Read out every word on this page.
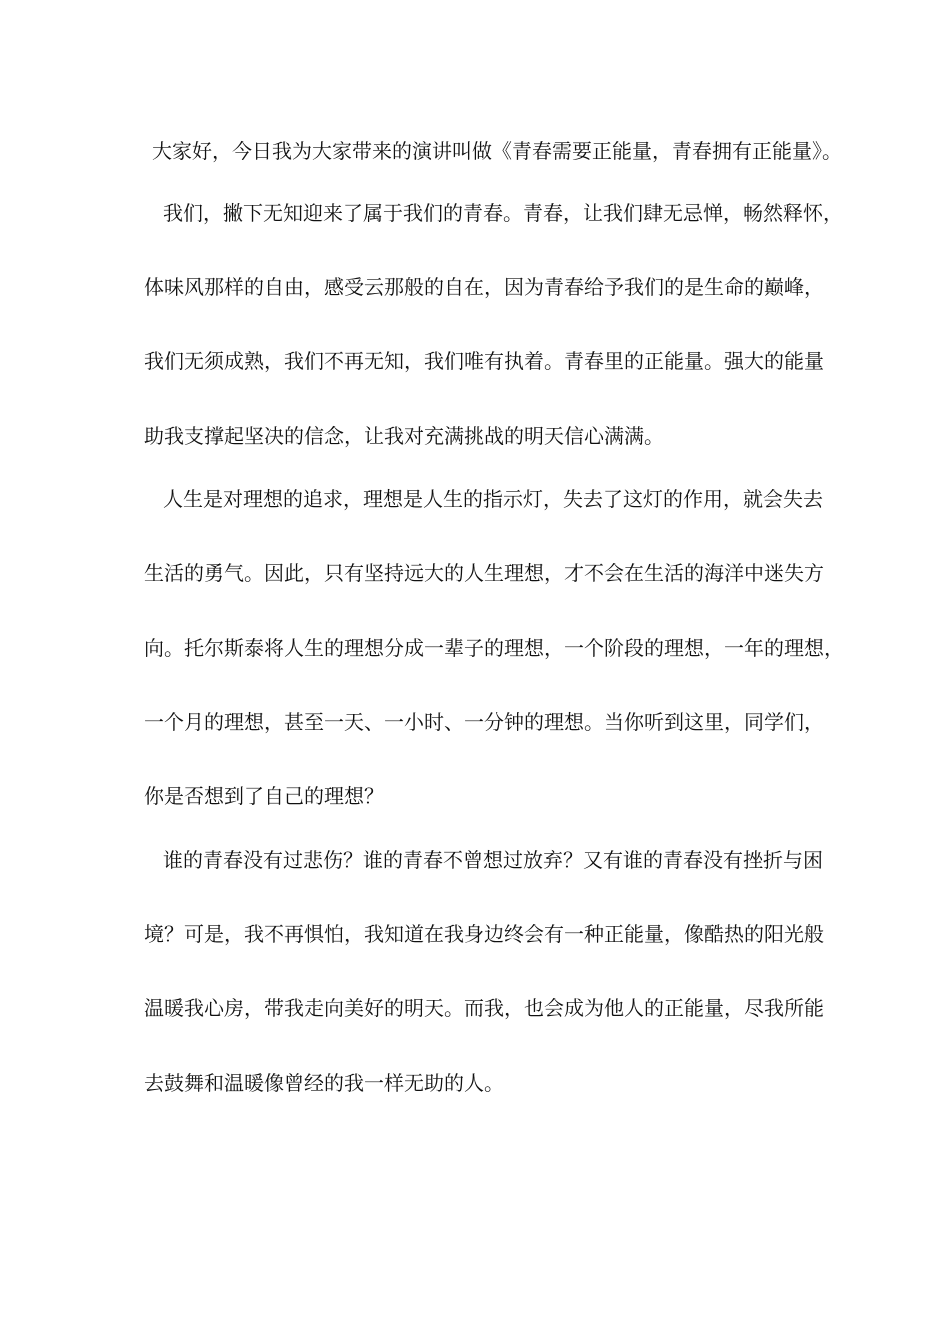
大家好，今日我为大家带来的演讲叫做《青春需要正能量，青春拥有正能量》。
我们，撇下无知迎来了属于我们的青春。青春，让我们肆无忌惮，畅然释怀，
体味风那样的自由，感受云那般的自在，因为青春给予我们的是生命的巅峰，
我们无须成熟，我们不再无知，我们唯有执着。青春里的正能量。强大的能量
助我支撑起坚决的信念，让我对充满挑战的明天信心满满。
人生是对理想的追求，理想是人生的指示灯，失去了这灯的作用，就会失去
生活的勇气。因此，只有坚持远大的人生理想，才不会在生活的海洋中迷失方
向。托尔斯泰将人生的理想分成一辈子的理想，一个阶段的理想，一年的理想，
一个月的理想，甚至一天、一小时、一分钟的理想。当你听到这里，同学们，
你是否想到了自己的理想？
谁的青春没有过悲伤？谁的青春不曾想过放弃？又有谁的青春没有挫折与困
境？可是，我不再惧怕，我知道在我身边终会有一种正能量，像酷热的阳光般
温暖我心房，带我走向美好的明天。而我，也会成为他人的正能量，尽我所能
去鼓舞和温暖像曾经的我一样无助的人。
